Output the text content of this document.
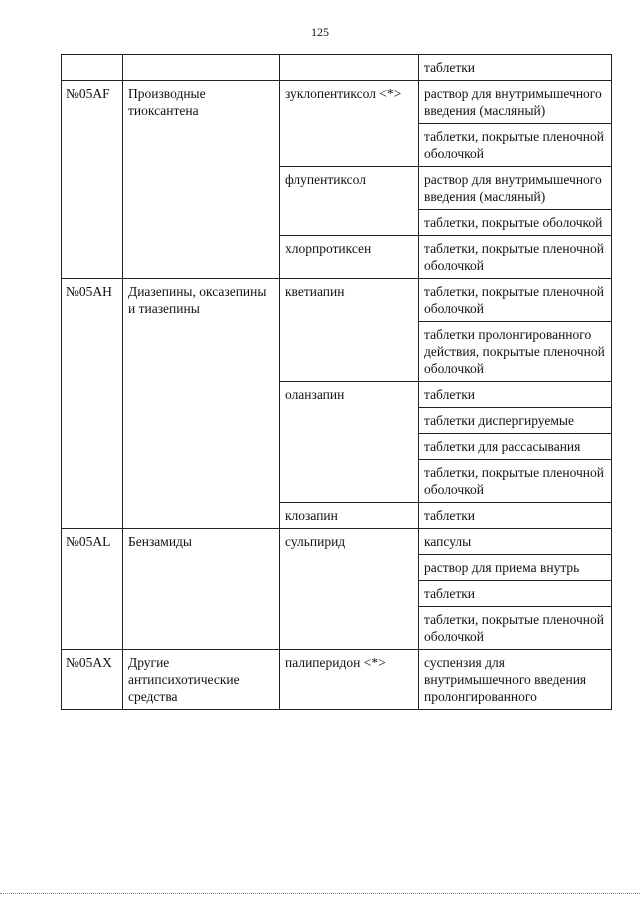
125
			таблетки
№05AF	Производные тиоксантена	зуклопентиксол <*>	раствор для внутримышечного введения (масляный)
			таблетки, покрытые пленочной оболочкой
		флупентиксол	раствор для внутримышечного введения (масляный)
			таблетки, покрытые оболочкой
		хлорпротиксен	таблетки, покрытые пленочной оболочкой
№05AH	Диазепины, оксазепины и тиазепины	кветиапин	таблетки, покрытые пленочной оболочкой
			таблетки пролонгированного действия, покрытые пленочной оболочкой
		оланзапин	таблетки
			таблетки диспергируемые
			таблетки для рассасывания
			таблетки, покрытые пленочной оболочкой
		клозапин	таблетки
№05AL	Бензамиды	сульпирид	капсулы
			раствор для приема внутрь
			таблетки
			таблетки, покрытые пленочной оболочкой
№05AX	Другие антипсихотические средства	палиперидон <*>	суспензия для внутримышечного введения пролонгированного
